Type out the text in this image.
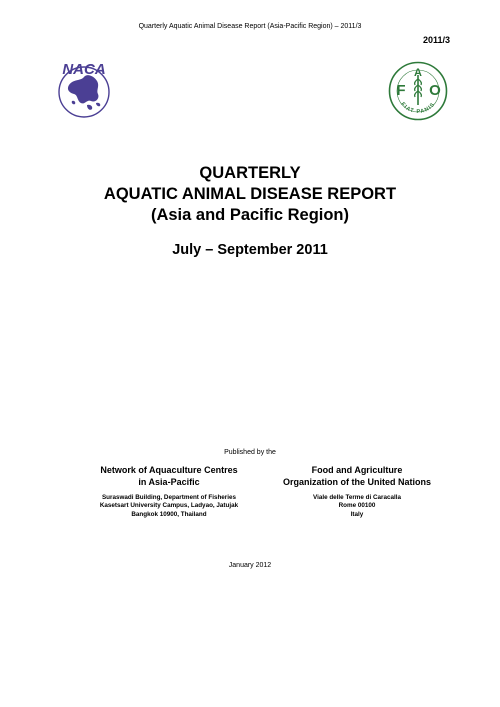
Quarterly Aquatic Animal Disease Report (Asia-Pacific Region) – 2011/3
2011/3
NACA
F
A
O
FIAT PANIS
QUARTERLY
AQUATIC ANIMAL DISEASE REPORT
(Asia and Pacific Region)
July – September 2011
Published by the
Network of Aquaculture Centres
in Asia-Pacific
Suraswadi Building, Department of Fisheries
Kasetsart University Campus, Ladyao, Jatujak
Bangkok 10900, Thailand
Food and Agriculture
Organization of the United Nations
Viale delle Terme di Caracalla
Rome 00100
Italy
January 2012
